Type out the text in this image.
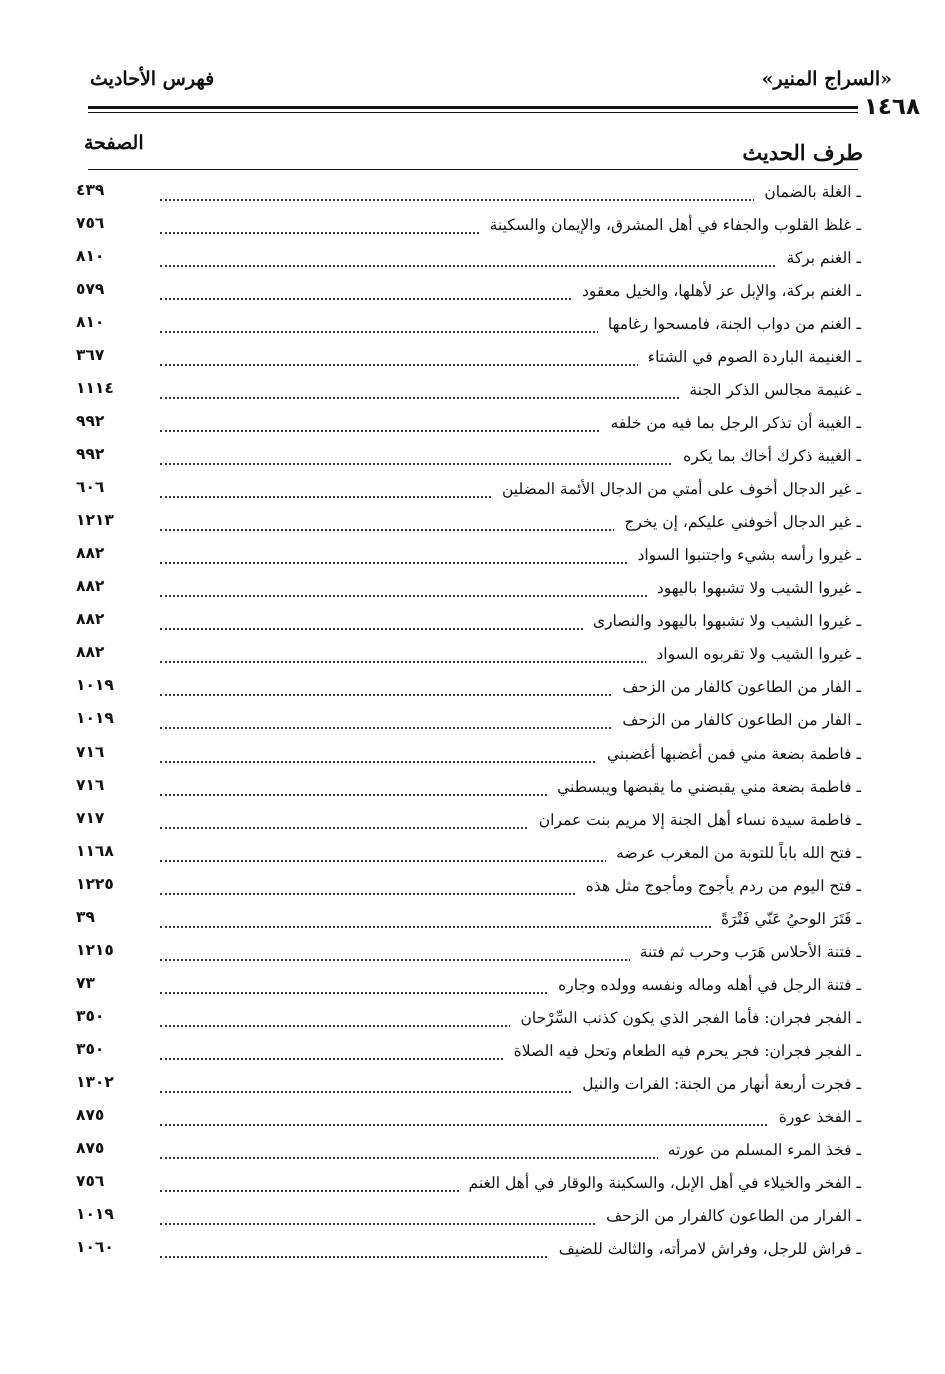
«السراج المنير»
١٤٦٨
فهرس الأحاديث
طرف الحديث
الصفحة
ـ الغلة بالضمان
٤٣٩
ـ غلظ القلوب والجفاء في أهل المشرق، والإيمان والسكينة
٧٥٦
ـ الغنم بركة
٨١٠
ـ الغنم بركة، والإبل عز لأهلها، والخيل معقود
٥٧٩
ـ الغنم من دواب الجنة، فامسحوا رغامها
٨١٠
ـ الغنيمة الباردة الصوم في الشتاء
٣٦٧
ـ غنيمة مجالس الذكر الجنة
١١١٤
ـ الغيبة أن تذكر الرجل بما فيه من خلفه
٩٩٢
ـ الغيبة ذكرك أخاك بما يكره
٩٩٢
ـ غير الدجال أخوف على أمتي من الدجال الأئمة المضلين
٦٠٦
ـ غير الدجال أخوفني عليكم، إن يخرج
١٢١٣
ـ غيروا رأسه بشيء واجتنبوا السواد
٨٨٢
ـ غيروا الشيب ولا تشبهوا باليهود
٨٨٢
ـ غيروا الشيب ولا تشبهوا باليهود والنصارى
٨٨٢
ـ غيروا الشيب ولا تقربوه السواد
٨٨٢
ـ الفار من الطاعون كالفار من الزحف
١٠١٩
ـ الفار من الطاعون كالفار من الزحف
١٠١٩
ـ فاطمة بضعة مني فمن أغضبها أغضبني
٧١٦
ـ فاطمة بضعة مني يقبضني ما يقبضها ويبسطني
٧١٦
ـ فاطمة سيدة نساء أهل الجنة إلا مريم بنت عمران
٧١٧
ـ فتح الله باباً للتوبة من المغرب عرضه
١١٦٨
ـ فتح اليوم من ردم يأجوج ومأجوج مثل هذه
١٢٢٥
ـ فَتَرَ الوحيُ عَنّي فَتْرَةً
٣٩
ـ فتنة الأحلاس هَرَب وحرب ثم فتنة
١٢١٥
ـ فتنة الرجل في أهله وماله ونفسه وولده وجاره
٧٣
ـ الفجر فجران: فأما الفجر الذي يكون كذنب السِّرْحان
٣٥٠
ـ الفجر فجران: فجر يحرم فيه الطعام وتحل فيه الصلاة
٣٥٠
ـ فجرت أربعة أنهار من الجنة: الفرات والنيل
١٣٠٢
ـ الفخذ عورة
٨٧٥
ـ فخذ المرء المسلم من عورته
٨٧٥
ـ الفخر والخيلاء في أهل الإبل، والسكينة والوقار في أهل الغنم
٧٥٦
ـ الفرار من الطاعون كالفرار من الزحف
١٠١٩
ـ فراش للرجل، وفراش لامرأته، والثالث للضيف
١٠٦٠
